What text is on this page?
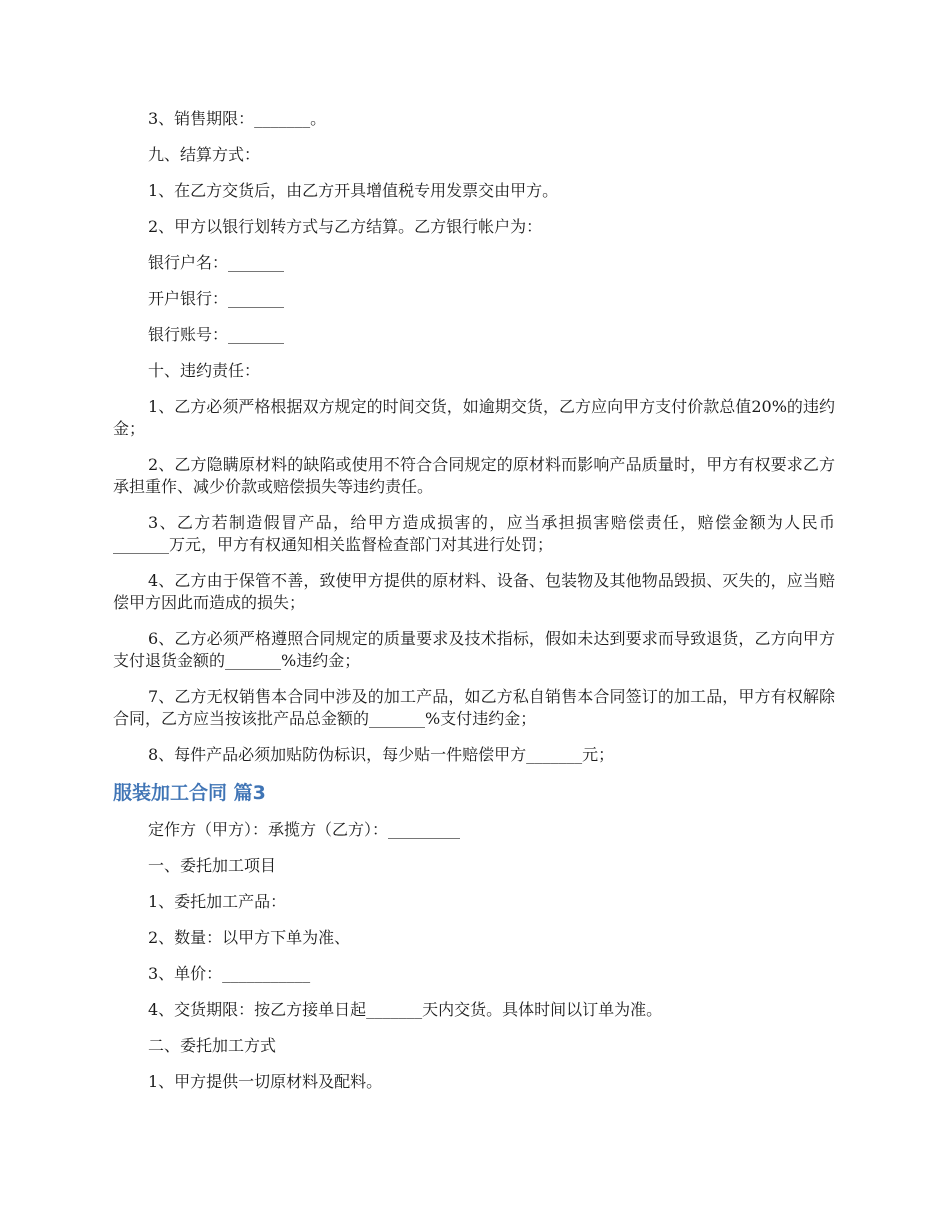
3、销售期限：_______。

九、结算方式：

1、在乙方交货后，由乙方开具增值税专用发票交由甲方。

2、甲方以银行划转方式与乙方结算。乙方银行帐户为：

银行户名：_______

开户银行：_______

银行账号：_______

十、违约责任：

1、乙方必须严格根据双方规定的时间交货，如逾期交货，乙方应向甲方支付价款总值20%的违约金；

2、乙方隐瞒原材料的缺陷或使用不符合合同规定的原材料而影响产品质量时，甲方有权要求乙方承担重作、减少价款或赔偿损失等违约责任。

3、乙方若制造假冒产品，给甲方造成损害的，应当承担损害赔偿责任，赔偿金额为人民币_______万元，甲方有权通知相关监督检查部门对其进行处罚；

4、乙方由于保管不善，致使甲方提供的原材料、设备、包装物及其他物品毁损、灭失的，应当赔偿甲方因此而造成的损失；

6、乙方必须严格遵照合同规定的质量要求及技术指标，假如未达到要求而导致退货，乙方向甲方支付退货金额的_______%违约金；

7、乙方无权销售本合同中涉及的加工产品，如乙方私自销售本合同签订的加工品，甲方有权解除合同，乙方应当按该批产品总金额的_______%支付违约金；

8、每件产品必须加贴防伪标识，每少贴一件赔偿甲方_______元；

服装加工合同 篇3

定作方（甲方）：承揽方（乙方）：_________

一、委托加工项目

1、委托加工产品：

2、数量：以甲方下单为准、

3、单价：___________

4、交货期限：按乙方接单日起_______天内交货。具体时间以订单为准。

二、委托加工方式

1、甲方提供一切原材料及配料。
